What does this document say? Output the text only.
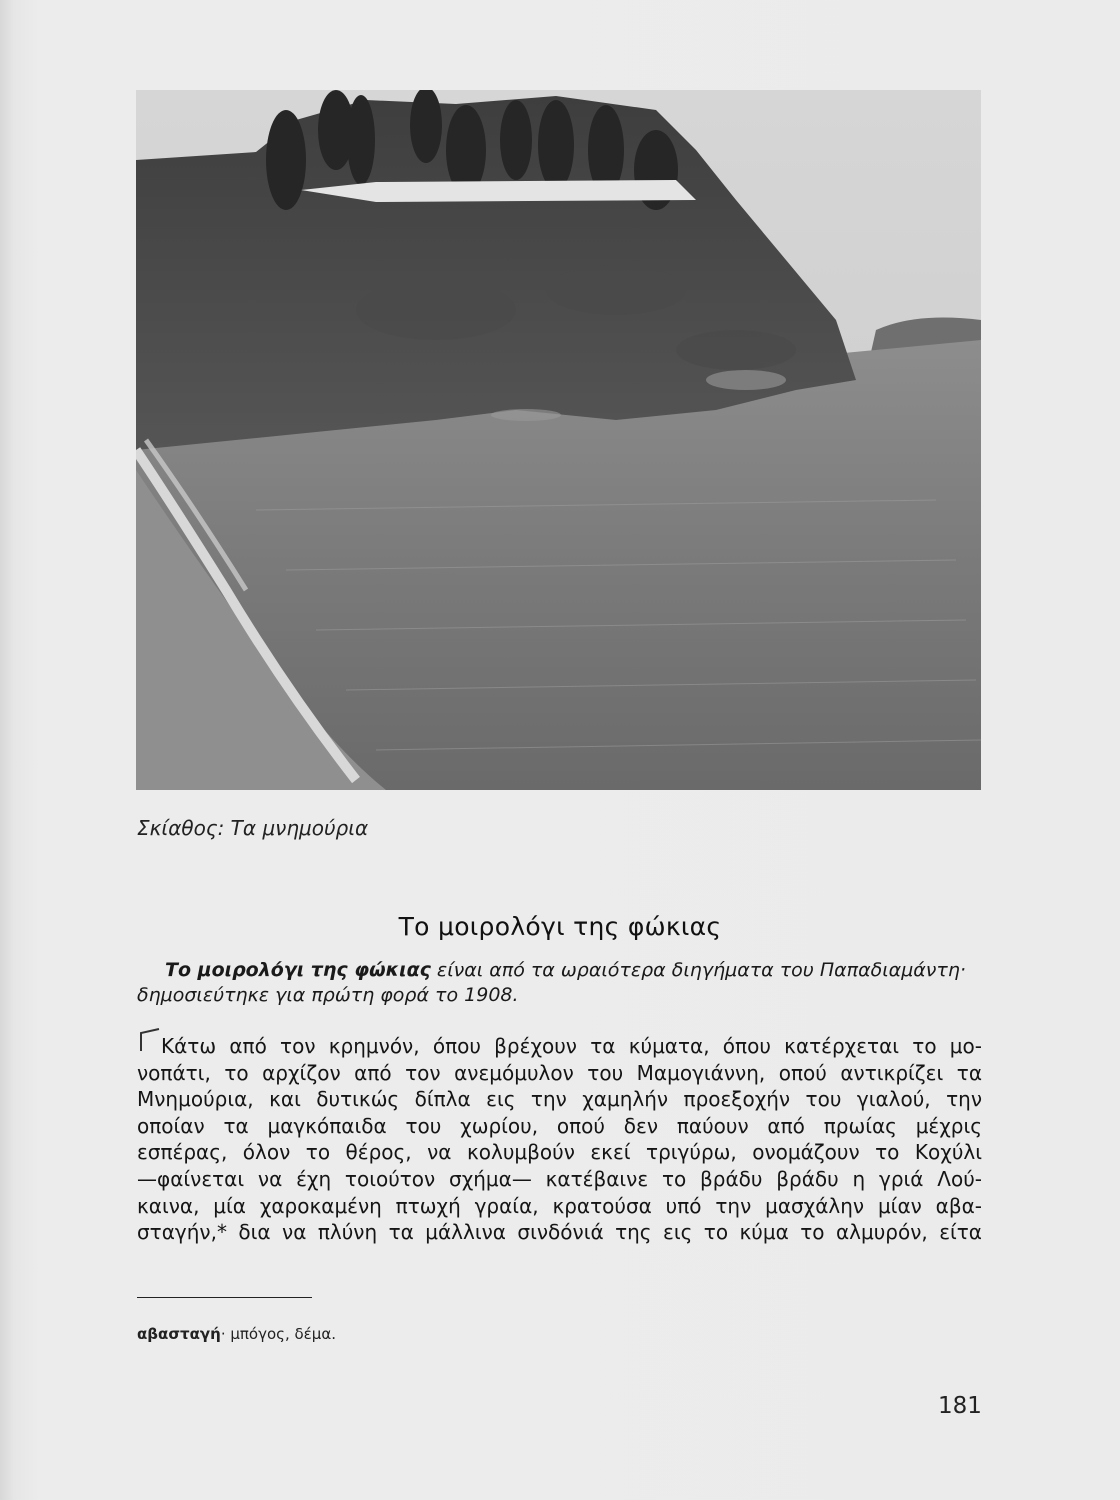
Σκίαθος: Τα μνημούρια
Το μοιρολόγι της φώκιας
Το μοιρολόγι της φώκιας είναι από τα ωραιότερα διηγήματα του Παπαδιαμάντη·
δημοσιεύτηκε για πρώτη φορά το 1908.
Κάτω από τον κρημνόν, όπου βρέχουν τα κύματα, όπου κατέρχεται το μο-
νοπάτι, το αρχίζον από τον ανεμόμυλον του Μαμογιάννη, οπού αντικρίζει τα
Μνημούρια, και δυτικώς δίπλα εις την χαμηλήν προεξοχήν του γιαλού, την
οποίαν τα μαγκόπαιδα του χωρίου, οπού δεν παύουν από πρωίας μέχρις
εσπέρας, όλον το θέρος, να κολυμβούν εκεί τριγύρω, ονομάζουν το Κοχύλι
—φαίνεται να έχη τοιούτον σχήμα— κατέβαινε το βράδυ βράδυ η γριά Λού-
καινα, μία χαροκαμένη πτωχή γραία, κρατούσα υπό την μασχάλην μίαν αβα-
σταγήν,* δια να πλύνη τα μάλλινα σινδόνιά της εις το κύμα το αλμυρόν, είτα
αβασταγή· μπόγος, δέμα.
181
